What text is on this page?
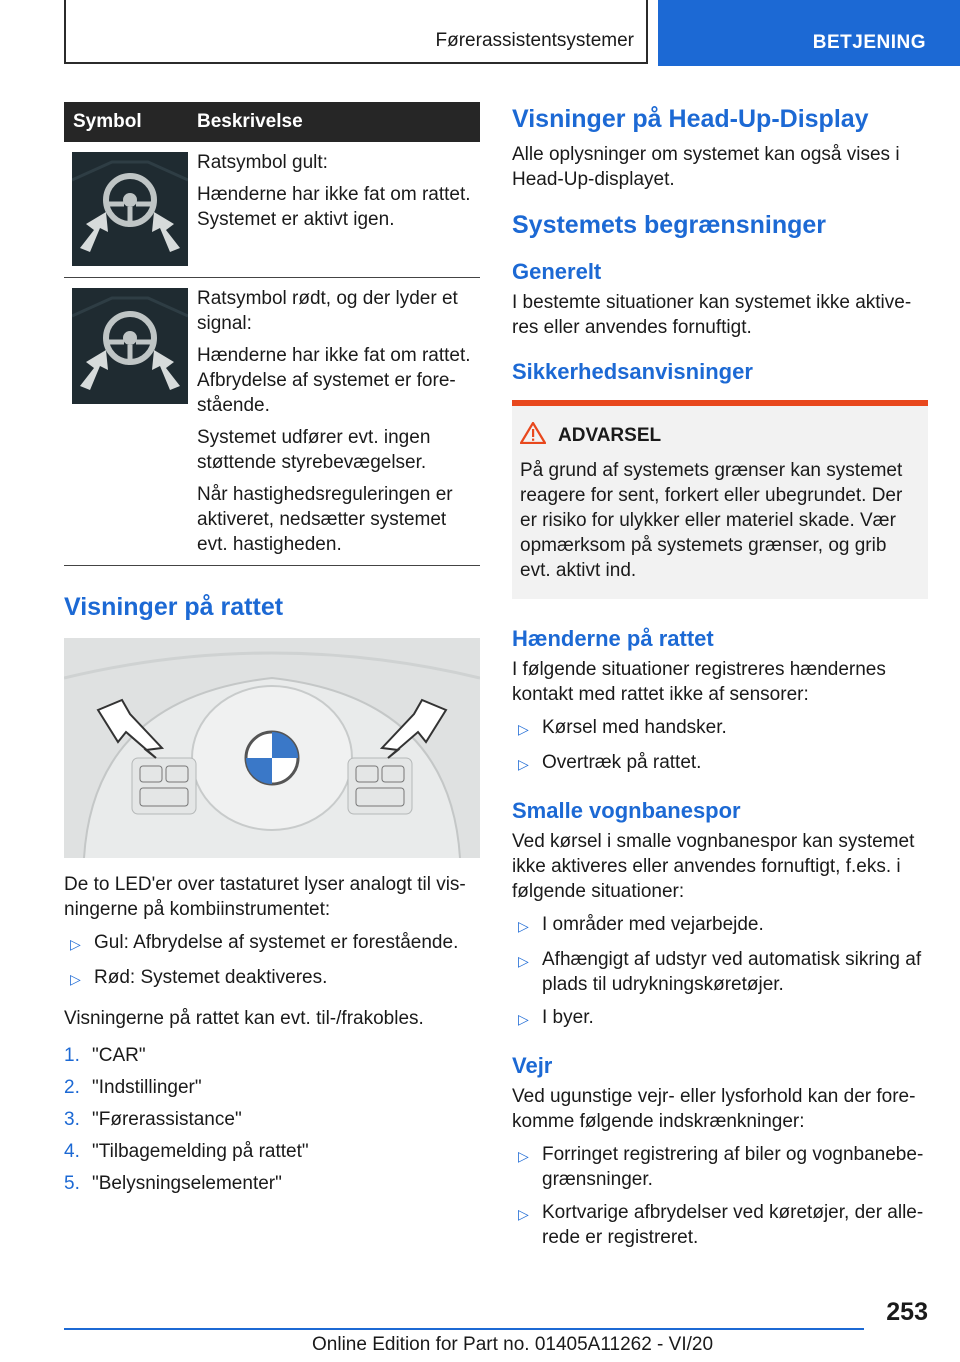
Førerassistentsystemer	BETJENING
Symbol	Beskrivelse

Ratsymbol gult:

Hænderne har ikke fat om rattet. Systemet er aktivt igen.

Ratsymbol rødt, og der lyder et signal:

Hænderne har ikke fat om rattet. Afbrydelse af systemet er fore-stående.

Systemet udfører evt. ingen støttende styrebevægelser.

Når hastighedsreguleringen er aktiveret, nedsætter systemet evt. hastigheden.

Visninger på rattet

De to LED'er over tastaturet lyser analogt til vis-ningerne på kombiinstrumentet:

▷ Gul: Afbrydelse af systemet er forestående.
▷ Rød: Systemet deaktiveres.

Visningerne på rattet kan evt. til-/frakobles.

1. "CAR"
2. "Indstillinger"
3. "Førerassistance"
4. "Tilbagemelding på rattet"
5. "Belysningselementer"
Visninger på Head-Up-Display

Alle oplysninger om systemet kan også vises i Head-Up-displayet.

Systemets begrænsninger
Generelt

I bestemte situationer kan systemet ikke aktive-res eller anvendes fornuftigt.

Sikkerhedsanvisninger
ADVARSEL

På grund af systemets grænser kan systemet reagere for sent, forkert eller ubegrundet. Der er risiko for ulykker eller materiel skade. Vær opmærksom på systemets grænser, og grib evt. aktivt ind.

Hænderne på rattet

I følgende situationer registreres hændernes kontakt med rattet ikke af sensorer:

▷ Kørsel med handsker.
▷ Overtræk på rattet.
Smalle vognbanespor

Ved kørsel i smalle vognbanespor kan systemet ikke aktiveres eller anvendes fornuftigt, f.eks. i følgende situationer:

▷ I områder med vejarbejde.
▷ Afhængigt af udstyr ved automatisk sikring af plads til udrykningskøretøjer.
▷ I byer.
Vejr

Ved ugunstige vejr- eller lysforhold kan der fore-komme følgende indskrænkninger:

▷ Forringet registrering af biler og vognbanebe-grænsninger.
▷ Kortvarige afbrydelser ved køretøjer, der alle-rede er registreret.
253
Online Edition for Part no. 01405A11262 - VI/20
